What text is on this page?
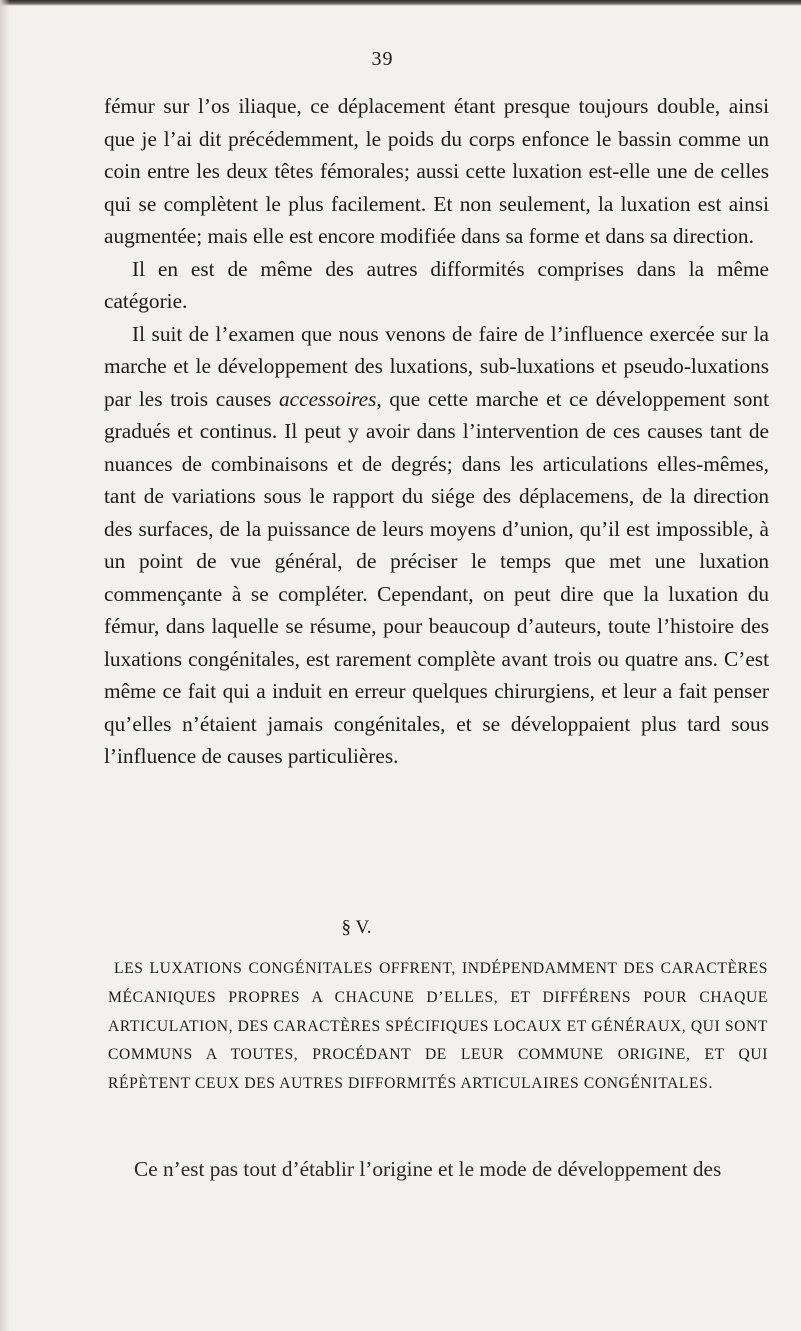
39

fémur sur l’os iliaque, ce déplacement étant presque toujours double, ainsi que je l’ai dit précédemment, le poids du corps enfonce le bassin comme un coin entre les deux têtes fémorales; aussi cette luxation est-elle une de celles qui se complètent le plus facilement. Et non seulement, la luxation est ainsi augmentée; mais elle est encore modifiée dans sa forme et dans sa direction.

Il en est de même des autres difformités comprises dans la même catégorie.

Il suit de l’examen que nous venons de faire de l’influence exercée sur la marche et le développement des luxations, sub-luxations et pseudo-luxations par les trois causes accessoires, que cette marche et ce développement sont gradués et continus. Il peut y avoir dans l’intervention de ces causes tant de nuances de combinaisons et de degrés; dans les articulations elles-mêmes, tant de variations sous le rapport du siége des déplacemens, de la direction des surfaces, de la puissance de leurs moyens d’union, qu’il est impossible, à un point de vue général, de préciser le temps que met une luxation commençante à se compléter. Cependant, on peut dire que la luxation du fémur, dans laquelle se résume, pour beaucoup d’auteurs, toute l’histoire des luxations congénitales, est rarement complète avant trois ou quatre ans. C’est même ce fait qui a induit en erreur quelques chirurgiens, et leur a fait penser qu’elles n’étaient jamais congénitales, et se développaient plus tard sous l’influence de causes particulières.

§ V.
LES LUXATIONS CONGÉNITALES OFFRENT, INDÉPENDAMMENT DES CARACTÈRES MÉCANIQUES PROPRES A CHACUNE D’ELLES, ET DIFFÉRENS POUR CHAQUE ARTICULATION, DES CARACTÈRES SPÉCIFIQUES LOCAUX ET GÉNÉRAUX, QUI SONT COMMUNS A TOUTES, PROCÉDANT DE LEUR COMMUNE ORIGINE, ET QUI RÉPÈTENT CEUX DES AUTRES DIFFORMITÉS ARTICULAIRES CONGÉNITALES.
Ce n’est pas tout d’établir l’origine et le mode de développement des
